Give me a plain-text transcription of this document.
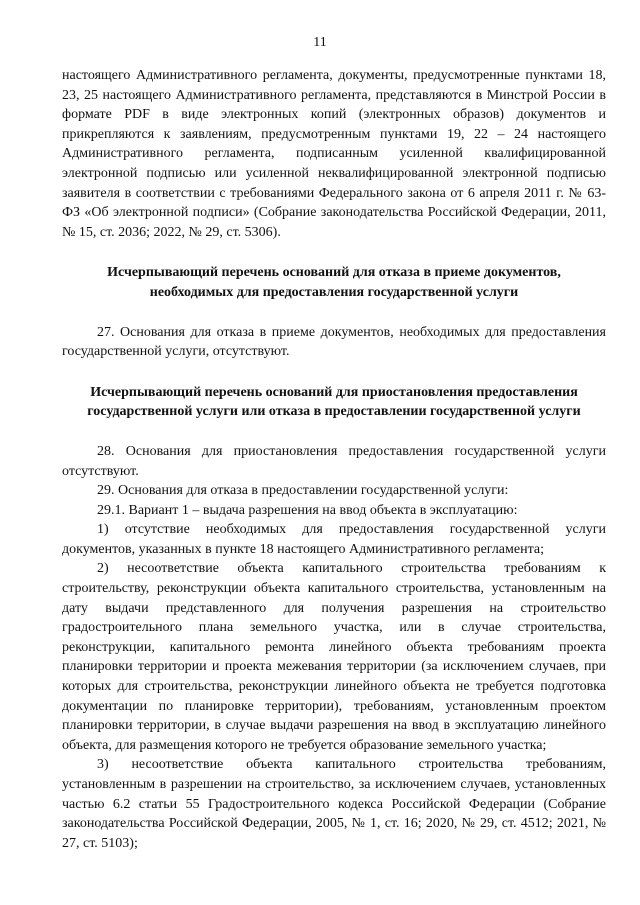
11

настоящего Административного регламента, документы, предусмотренные пунктами 18, 23, 25 настоящего Административного регламента, представляются в Минстрой России в формате PDF в виде электронных копий (электронных образов) документов и прикрепляются к заявлениям, предусмотренным пунктами 19, 22 – 24 настоящего Административного регламента, подписанным усиленной квалифицированной электронной подписью или усиленной неквалифицированной электронной подписью заявителя в соответствии с требованиями Федерального закона от 6 апреля 2011 г. № 63-ФЗ «Об электронной подписи» (Собрание законодательства Российской Федерации, 2011, № 15, ст. 2036; 2022, № 29, ст. 5306).

Исчерпывающий перечень оснований для отказа в приеме документов, необходимых для предоставления государственной услуги

27. Основания для отказа в приеме документов, необходимых для предоставления государственной услуги, отсутствуют.

Исчерпывающий перечень оснований для приостановления предоставления государственной услуги или отказа в предоставлении государственной услуги

28. Основания для приостановления предоставления государственной услуги отсутствуют.

29. Основания для отказа в предоставлении государственной услуги:

29.1. Вариант 1 – выдача разрешения на ввод объекта в эксплуатацию:

1) отсутствие необходимых для предоставления государственной услуги документов, указанных в пункте 18 настоящего Административного регламента;

2) несоответствие объекта капитального строительства требованиям к строительству, реконструкции объекта капитального строительства, установленным на дату выдачи представленного для получения разрешения на строительство градостроительного плана земельного участка, или в случае строительства, реконструкции, капитального ремонта линейного объекта требованиям проекта планировки территории и проекта межевания территории (за исключением случаев, при которых для строительства, реконструкции линейного объекта не требуется подготовка документации по планировке территории), требованиям, установленным проектом планировки территории, в случае выдачи разрешения на ввод в эксплуатацию линейного объекта, для размещения которого не требуется образование земельного участка;

3) несоответствие объекта капитального строительства требованиям, установленным в разрешении на строительство, за исключением случаев, установленных частью 6.2 статьи 55 Градостроительного кодекса Российской Федерации (Собрание законодательства Российской Федерации, 2005, № 1, ст. 16; 2020, № 29, ст. 4512; 2021, № 27, ст. 5103);
